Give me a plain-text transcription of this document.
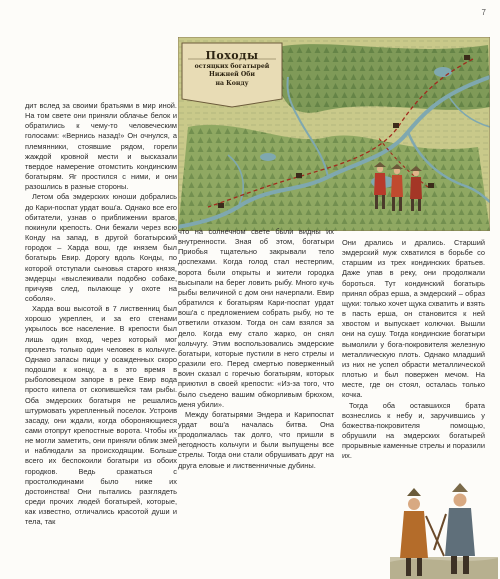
7
Походы
остяцких богатырей
Нижней Оби
на Конду

дит вслед за своими братьями в мир иной. На том свете они приняли облачье белок и обратились к чему-то человеческим голосами: «Вернись назад!» Он очнулся, а племянники, стоявшие рядом, горели жаждой кровной мести и высказали твердое намерение отомстить кондинским богатырям. Яг простился с ними, и они разошлись в разные стороны.

Летом оба эмдерских юноши добрались до Кари-поспат урдат вош'а. Однако все его обитатели, узнав о приближении врагов, покинули крепость. Они бежали через всю Конду на запад, в другой богатырский городок – Харда вош, где князем был богатырь Евир. Дорогу вдоль Конды, по которой отступали сыновья старого князя, эмдерцы «выслеживали подобно собаке, причуяв след, пылающе у охоте на соболя».

Харда вош высотой в 7 лиственниц был хорошо укреплен, и за его стенами укрылось все население. В крепости был лишь один вход, через который мог пролезть только один человек в кольчуге. Однако запасы пищи у осажденных скоро подошли к концу, а в это время в рыболовецком запоре в реке Евир вода просто кипела от скопившейся там рыбы. Оба эмдерских богатыря не решались штурмовать укрепленный поселок. Устроив засаду, они ждали, когда обороняющиеся сами отопрут крепостные ворота. Чтобы их не могли заметить, они приняли облик змей и наблюдали за происходящим. Больше всего их беспокоили богатыри из обоих городков. Ведь сражаться с простолюдинами было ниже их достоинства! Они пытались разглядеть среди прочих людей богатырей, которые, как известно, отличались красотой души и тела, так

что на солнечном свете были видны их внутренности. Зная об этом, богатыри Приобья тщательно закрывали тело доспехами. Когда голод стал нестерпим, ворота были открыты и жители городка высыпали на берег ловить рыбу. Много кучь рыбы величиной с дом они начерпали. Евир обратился к богатырям Кари-поспат урдат вош'а с предложением собрать рыбу, но те ответили отказом. Тогда он сам взялся за дело. Когда ему стало жарко, он снял кольчугу. Этим воспользовались эмдерские богатыри, которые пустили в него стрелы и сразили его. Перед смертью поверженный воин сказал с горечью богатырям, которых приютил в своей крепости: «Из-за того, что было съедено вашим обжорливым брюхом, меня убили».

Между богатырями Эндера и Карипоспат урдат вош'а началась битва. Она продолжалась так долго, что пришли в негодность кольчуги и были выпущены все стрелы. Тогда они стали обрушивать друг на друга еловые и лиственничные дубины.

Они дрались и дрались. Старший эмдерский муж схватился в борьбе со старшим из трех кондинских братьев. Даже упав в реку, они продолжали бороться. Тут кондинский богатырь принял образ ерша, а эмдерский – образ щуки: только хочет щука схватить и взять в пасть ерша, он становится к ней хвостом и выпускает колючки. Вышли они на сушу. Тогда кондинские богатыри вымолили у бога-покровителя железную металлическую плоть. Однако младший из них не успел обрасти металлической плотью и был повержен мечом. На месте, где он стоял, осталась только кочка.

Тогда оба оставшихся брата вознеслись к небу и, заручившись у божества-покровителя помощью, обрушили на эмдерских богатырей прорывные каменные стрелы и поразили их.
